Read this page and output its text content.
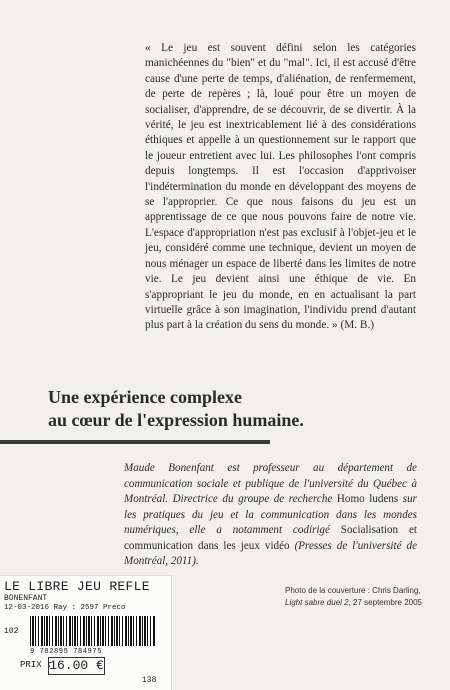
« Le jeu est souvent défini selon les catégories manichéennes du "bien" et du "mal". Ici, il est accusé d'être cause d'une perte de temps, d'aliénation, de renfermement, de perte de repères ; là, loué pour être un moyen de socialiser, d'apprendre, de se découvrir, de se divertir. À la vérité, le jeu est inextricablement lié à des considérations éthiques et appelle à un questionnement sur le rapport que le joueur entretient avec lui. Les philosophes l'ont compris depuis longtemps. Il est l'occasion d'apprivoiser l'indétermination du monde en développant des moyens de se l'approprier. Ce que nous faisons du jeu est un apprentissage de ce que nous pouvons faire de notre vie. L'espace d'appropriation n'est pas exclusif à l'objet-jeu et le jeu, considéré comme une technique, devient un moyen de nous ménager un espace de liberté dans les limites de notre vie. Le jeu devient ainsi une éthique de vie. En s'appropriant le jeu du monde, en en actualisant la part virtuelle grâce à son imagination, l'individu prend d'autant plus part à la création du sens du monde. » (M. B.)

Une expérience complexe
au cœur de l'expression humaine.

Maude Bonenfant est professeur au département de communication sociale et publique de l'université du Québec à Montréal. Directrice du groupe de recherche Homo ludens sur les pratiques du jeu et la communication dans les mondes numériques, elle a notamment codirigé Socialisation et communication dans les jeux vidéo (Presses de l'université de Montréal, 2011).

Photo de la couverture : Chris Darling, Light sabre duel 2, 27 septembre 2005

LE LIBRE JEU REFLE
BONENFANT
12-03-2016 Ray : 2597 Preco
102
9 782895 784975
PRIX :
16.00 €
138
